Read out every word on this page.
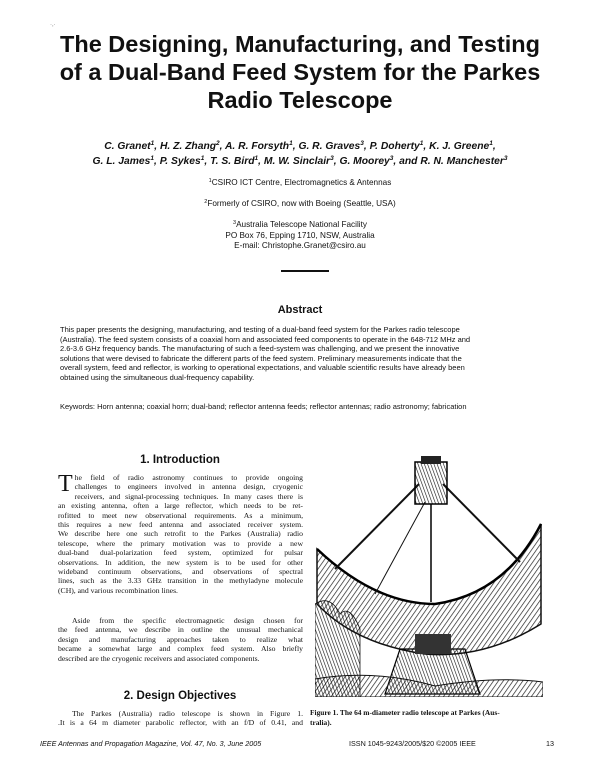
·,·
The Designing, Manufacturing, and Testing
of a Dual-Band Feed System for the Parkes
Radio Telescope
C. Granet$^1$, H. Z. Zhang$^2$, A. R. Forsyth$^1$, G. R. Graves$^3$, P. Doherty$^1$, K. J. Greene$^1$,
G. L. James$^1$, P. Sykes$^1$, T. S. Bird$^1$, M. W. Sinclair$^3$, G. Moorey$^3$, and R. N. Manchester$^3$
$^1$CSIRO ICT Centre, Electromagnetics & Antennas
$^2$Formerly of CSIRO, now with Boeing (Seattle, USA)
$^3$Australia Telescope National Facility
PO Box 76, Epping 1710, NSW, Australia
E-mail: Christophe.Granet@csiro.au
Abstract
This paper presents the designing, manufacturing, and testing of a dual-band feed system for the Parkes radio telescope
(Australia). The feed system consists of a coaxial horn and associated feed components to operate in the 648-712 MHz and
2.6-3.6 GHz frequency bands. The manufacturing of such a feed-system was challenging, and we present the innovative
solutions that were devised to fabricate the different parts of the feed system. Preliminary measurements indicate that the
overall system, feed and reflector, is working to operational expectations, and valuable scientific results have already been
obtained using the simultaneous dual-frequency capability.
Keywords: Horn antenna; coaxial horn; dual-band; reflector antenna feeds; reflector antennas; radio astronomy; fabrication
1. Introduction
T he field of radio astronomy continues to provide ongoing
challenges to engineers involved in antenna design, cryogenic
receivers, and signal-processing techniques. In many cases there is
an existing antenna, often a large reflector, which needs to be ret-
rofitted to meet new observational requirements. As a minimum,
this requires a new feed antenna and associated receiver system.
We describe here one such retrofit to the Parkes (Australia) radio
telescope, where the primary motivation was to provide a new
dual-band dual-polarization feed system, optimized for pulsar
observations. In addition, the new system is to be used for other
wideband continuum observations, and observations of spectral
lines, such as the 3.33 GHz transition in the methyladyne molecule
(CH), and various recombination lines.
Aside from the specific electromagnetic design chosen for
the feed antenna, we describe in outline the unusual mechanical
design and manufacturing approaches taken to realize what
became a somewhat large and complex feed system. Also briefly
described are the cryogenic receivers and associated components.
2. Design Objectives
The Parkes (Australia) radio telescope is shown in Figure 1.
.It is a 64 m diameter parabolic reflector, with an f/D of 0.41, and
Figure 1. The 64 m-diameter radio telescope at Parkes (Aus-
tralia).
IEEE Antennas and Propagation Magazine, Vol. 47, No. 3, June 2005	ISSN 1045-9243/2005/$20 ©2005 IEEE	13
